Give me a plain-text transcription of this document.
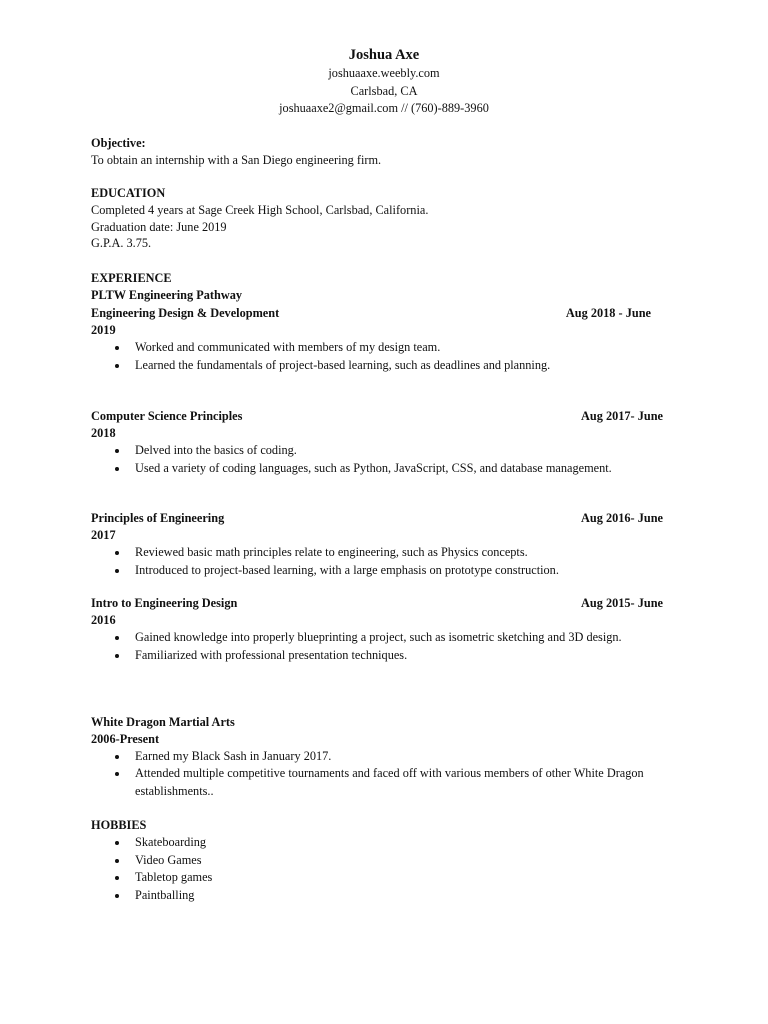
Joshua Axe
joshuaaxe.weebly.com
Carlsbad, CA
joshuaaxe2@gmail.com // (760)-889-3960
Objective:
To obtain an internship with a San Diego engineering firm.
EDUCATION
Completed 4 years at Sage Creek High School, Carlsbad, California.
Graduation date: June 2019
G.P.A. 3.75.
EXPERIENCE
PLTW Engineering Pathway
Engineering Design & Development	Aug 2018 - June
2019
Worked and communicated with members of my design team.
Learned the fundamentals of project-based learning, such as deadlines and planning.
Computer Science Principles	Aug 2017- June
2018
Delved into the basics of coding.
Used a variety of coding languages, such as Python, JavaScript, CSS, and database management.
Principles of Engineering	Aug 2016- June
2017
Reviewed basic math principles relate to engineering, such as Physics concepts.
Introduced to project-based learning, with a large emphasis on prototype construction.
Intro to Engineering Design	Aug 2015- June
2016
Gained knowledge into properly blueprinting a project, such as isometric sketching and 3D design.
Familiarized with professional presentation techniques.
White Dragon Martial Arts
2006-Present
Earned my Black Sash in January 2017.
Attended multiple competitive tournaments and faced off with various members of other White Dragon establishments..
HOBBIES
Skateboarding
Video Games
Tabletop games
Paintballing
